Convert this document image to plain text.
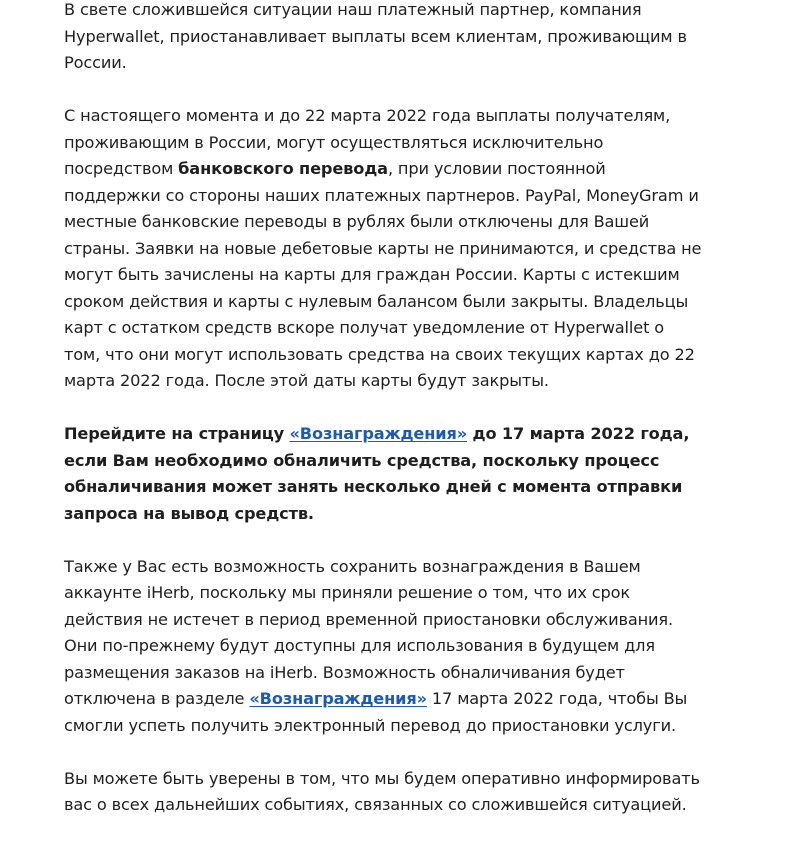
В свете сложившейся ситуации наш платежный партнер, компания Hyperwallet, приостанавливает выплаты всем клиентам, проживающим в России.

С настоящего момента и до 22 марта 2022 года выплаты получателям, проживающим в России, могут осуществляться исключительно посредством банковского перевода, при условии постоянной поддержки со стороны наших платежных партнеров. PayPal, MoneyGram и местные банковские переводы в рублях были отключены для Вашей страны. Заявки на новые дебетовые карты не принимаются, и средства не могут быть зачислены на карты для граждан России. Карты с истекшим сроком действия и карты с нулевым балансом были закрыты. Владельцы карт с остатком средств вскоре получат уведомление от Hyperwallet о том, что они могут использовать средства на своих текущих картах до 22 марта 2022 года. После этой даты карты будут закрыты.

Перейдите на страницу «Вознаграждения» до 17 марта 2022 года, если Вам необходимо обналичить средства, поскольку процесс обналичивания может занять несколько дней с момента отправки запроса на вывод средств.

Также у Вас есть возможность сохранить вознаграждения в Вашем аккаунте iHerb, поскольку мы приняли решение о том, что их срок действия не истечет в период временной приостановки обслуживания. Они по-прежнему будут доступны для использования в будущем для размещения заказов на iHerb. Возможность обналичивания будет отключена в разделе «Вознаграждения» 17 марта 2022 года, чтобы Вы смогли успеть получить электронный перевод до приостановки услуги.

Вы можете быть уверены в том, что мы будем оперативно информировать вас о всех дальнейших событиях, связанных со сложившейся ситуацией.
